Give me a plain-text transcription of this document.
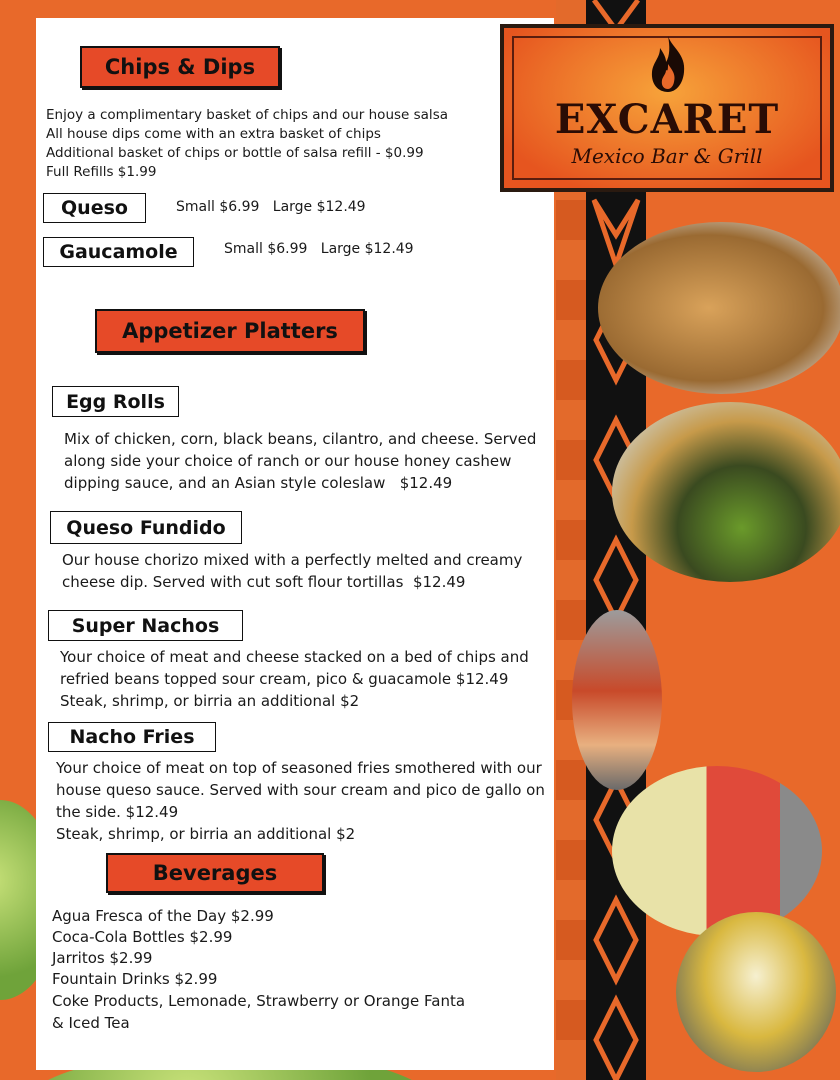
Chips & Dips
Enjoy a complimentary basket of chips and our house salsa
All house dips come with an extra basket of chips
Additional basket of chips or bottle of salsa refill - $0.99
Full Refills $1.99
Queso	Small $6.99   Large $12.49
Gaucamole	Small $6.99   Large $12.49
Appetizer Platters
Egg Rolls
Mix of chicken, corn, black beans, cilantro, and cheese. Served
along side your choice of ranch or our house honey cashew
dipping sauce, and an Asian style coleslaw   $12.49
Queso Fundido
Our house chorizo mixed with a perfectly melted and creamy
cheese dip. Served with cut soft flour tortillas  $12.49
Super Nachos
Your choice of meat and cheese stacked on a bed of chips and
refried beans topped sour cream, pico & guacamole $12.49
Steak, shrimp, or birria an additional $2
Nacho Fries
Your choice of meat on top of seasoned fries smothered with our
house queso sauce. Served with sour cream and pico de gallo on
the side. $12.49
Steak, shrimp, or birria an additional $2
Beverages
Agua Fresca of the Day $2.99
Coca-Cola Bottles $2.99
Jarritos $2.99
Fountain Drinks $2.99
Coke Products, Lemonade, Strawberry or Orange Fanta
& Iced Tea
EXCARET
Mexico Bar & Grill
